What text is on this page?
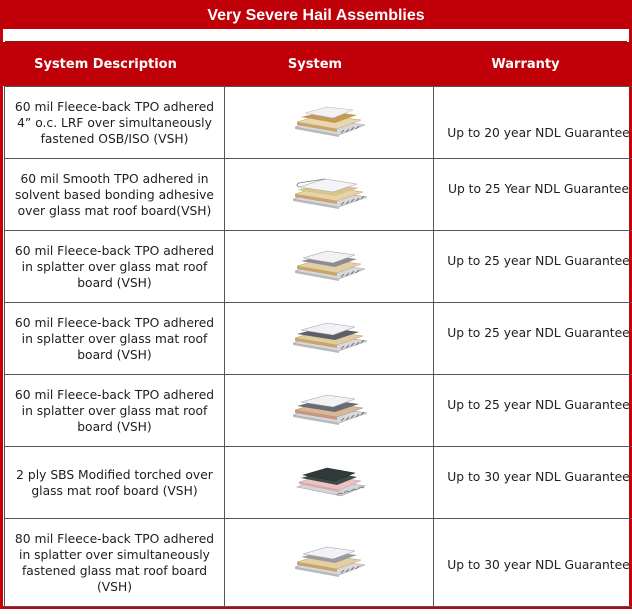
Very Severe Hail Assemblies
System Description	System	Warranty
60 mil Fleece-back TPO adhered 4” o.c. LRF over simultaneously fastened OSB/ISO (VSH)		Up to 20 year NDL Guarantee
60 mil Smooth TPO adhered in solvent based bonding adhesive over glass mat roof board(VSH)		Up to 25 Year NDL Guarantee
60 mil Fleece-back TPO adhered in splatter over glass mat roof board (VSH)		Up to 25 year NDL Guarantee
60 mil Fleece-back TPO adhered in splatter over glass mat roof board (VSH)		Up to 25 year NDL Guarantee
60 mil Fleece-back TPO adhered in splatter over glass mat roof board (VSH)		Up to 25 year NDL Guarantee
2 ply SBS Modified torched over glass mat roof board (VSH)		Up to 30 year NDL Guarantee
80 mil Fleece-back TPO adhered in splatter over simultaneously fastened glass mat roof board (VSH)		Up to 30 year NDL Guarantee
